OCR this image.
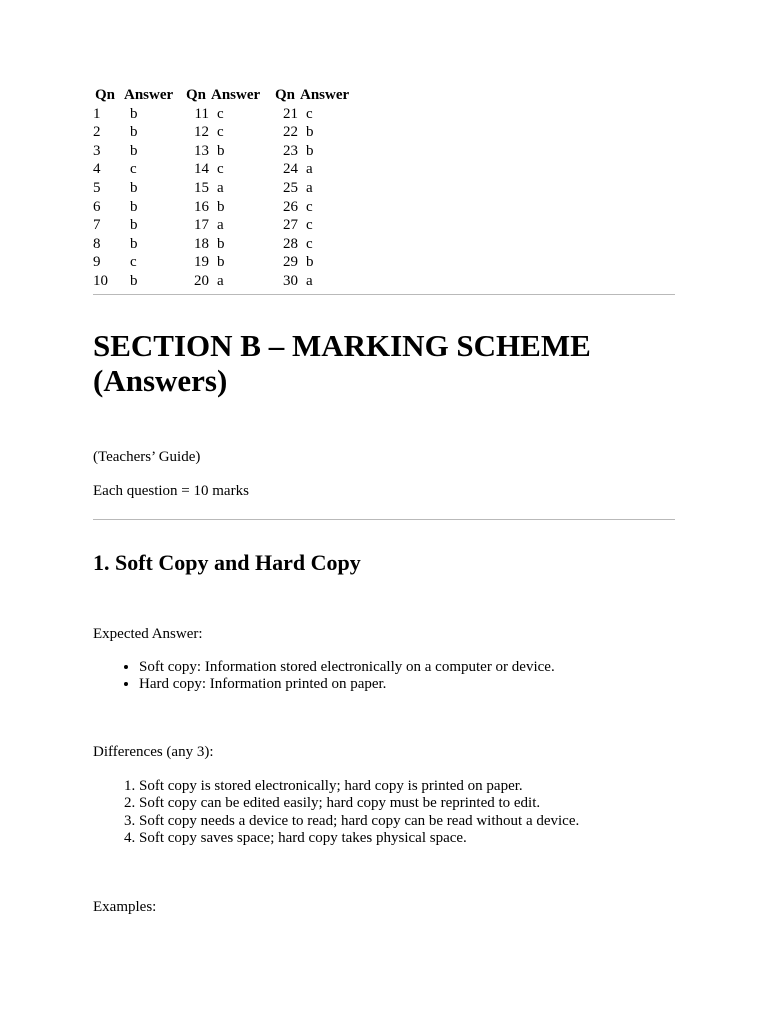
Qn	Answer	Qn	Answer	Qn	Answer
1	b	11	c	21	c
2	b	12	c	22	b
3	b	13	b	23	b
4	c	14	c	24	a
5	b	15	a	25	a
6	b	16	b	26	c
7	b	17	a	27	c
8	b	18	b	28	c
9	c	19	b	29	b
10	b	20	a	30	a
SECTION B – MARKING SCHEME (Answers)

(Teachers’ Guide)

Each question = 10 marks

1. Soft Copy and Hard Copy

Expected Answer:

• Soft copy: Information stored electronically on a computer or device.
• Hard copy: Information printed on paper.

Differences (any 3):

1. Soft copy is stored electronically; hard copy is printed on paper.
2. Soft copy can be edited easily; hard copy must be reprinted to edit.
3. Soft copy needs a device to read; hard copy can be read without a device.
4. Soft copy saves space; hard copy takes physical space.

Examples:
